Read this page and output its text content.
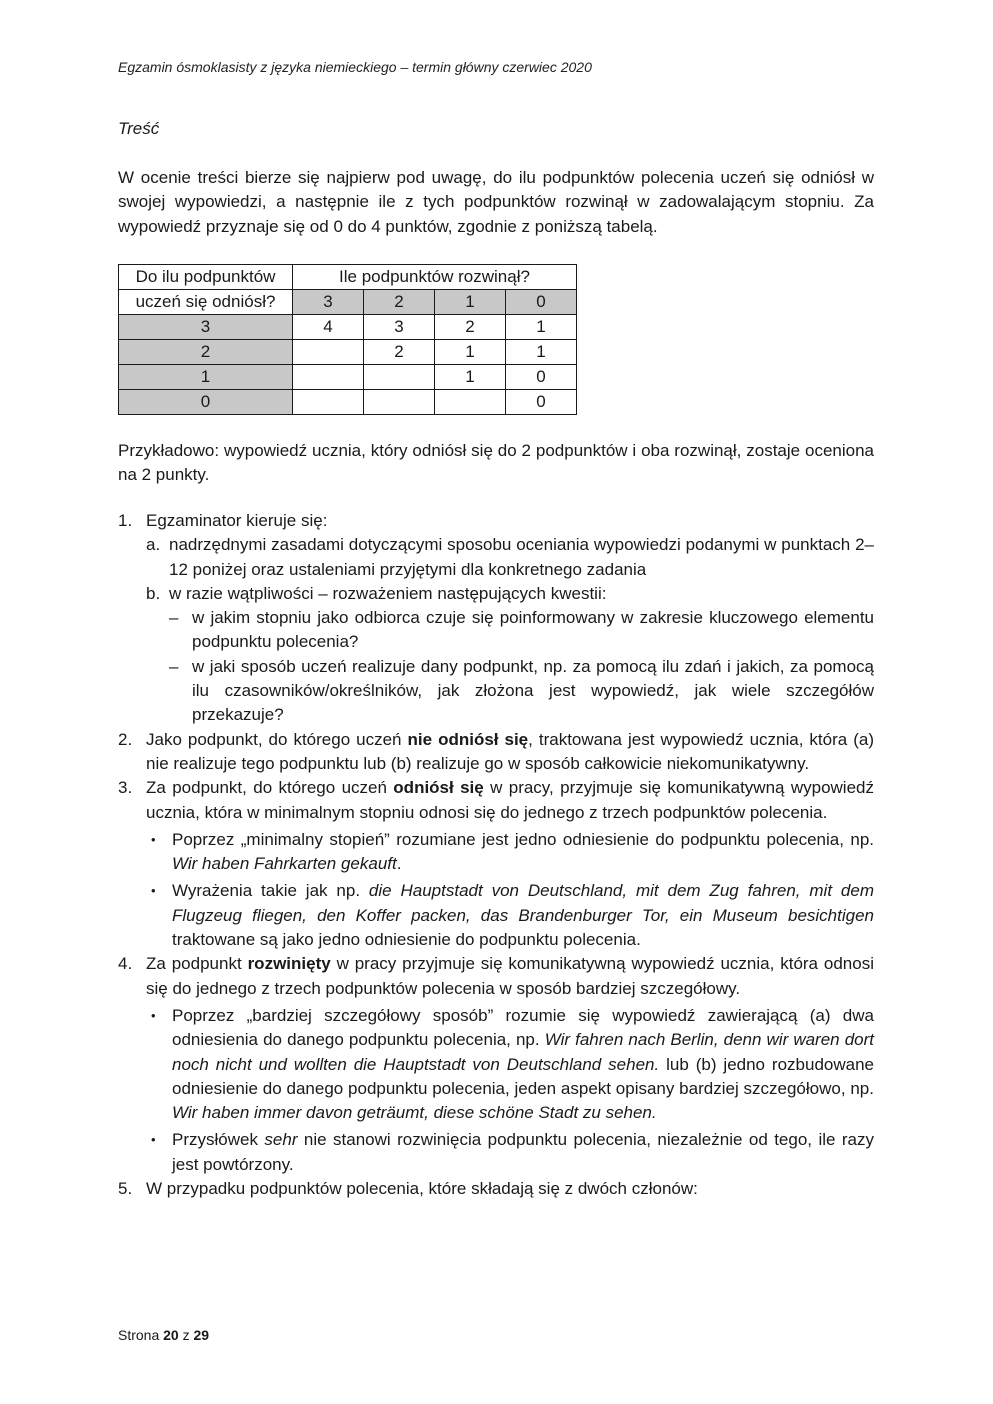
Egzamin ósmoklasisty z języka niemieckiego – termin główny czerwiec 2020
Treść

W ocenie treści bierze się najpierw pod uwagę, do ilu podpunktów polecenia uczeń się odniósł w swojej wypowiedzi, a następnie ile z tych podpunktów rozwinął w zadowalającym stopniu. Za wypowiedź przyznaje się od 0 do 4 punktów, zgodnie z poniższą tabelą.

Do ilu podpunktów	Ile podpunktów rozwinął?			
uczeń się odniósł?	3	2	1	0
3	4	3	2	1
2		2	1	1
1			1	0
0				0

Przykładowo: wypowiedź ucznia, który odniósł się do 2 podpunktów i oba rozwinął, zostaje oceniona na 2 punkty.

1. Egzaminator kieruje się:
a. nadrzędnymi zasadami dotyczącymi sposobu oceniania wypowiedzi podanymi w punktach 2–12 poniżej oraz ustaleniami przyjętymi dla konkretnego zadania
b. w razie wątpliwości – rozważeniem następujących kwestii:
– w jakim stopniu jako odbiorca czuje się poinformowany w zakresie kluczowego elementu podpunktu polecenia?
– w jaki sposób uczeń realizuje dany podpunkt, np. za pomocą ilu zdań i jakich, za pomocą ilu czasowników/określników, jak złożona jest wypowiedź, jak wiele szczegółów przekazuje?
2. Jako podpunkt, do którego uczeń nie odniósł się, traktowana jest wypowiedź ucznia, która (a) nie realizuje tego podpunktu lub (b) realizuje go w sposób całkowicie niekomunikatywny.
3. Za podpunkt, do którego uczeń odniósł się w pracy, przyjmuje się komunikatywną wypowiedź ucznia, która w minimalnym stopniu odnosi się do jednego z trzech podpunktów polecenia.
• Poprzez „minimalny stopień” rozumiane jest jedno odniesienie do podpunktu polecenia, np. Wir haben Fahrkarten gekauft.
• Wyrażenia takie jak np. die Hauptstadt von Deutschland, mit dem Zug fahren, mit dem Flugzeug fliegen, den Koffer packen, das Brandenburger Tor, ein Museum besichtigen traktowane są jako jedno odniesienie do podpunktu polecenia.
4. Za podpunkt rozwinięty w pracy przyjmuje się komunikatywną wypowiedź ucznia, która odnosi się do jednego z trzech podpunktów polecenia w sposób bardziej szczegółowy.
• Poprzez „bardziej szczegółowy sposób” rozumie się wypowiedź zawierającą (a) dwa odniesienia do danego podpunktu polecenia, np. Wir fahren nach Berlin, denn wir waren dort noch nicht und wollten die Hauptstadt von Deutschland sehen. lub (b) jedno rozbudowane odniesienie do danego podpunktu polecenia, jeden aspekt opisany bardziej szczegółowo, np. Wir haben immer davon geträumt, diese schöne Stadt zu sehen.
• Przysłówek sehr nie stanowi rozwinięcia podpunktu polecenia, niezależnie od tego, ile razy jest powtórzony.
5. W przypadku podpunktów polecenia, które składają się z dwóch członów:
Strona 20 z 29
